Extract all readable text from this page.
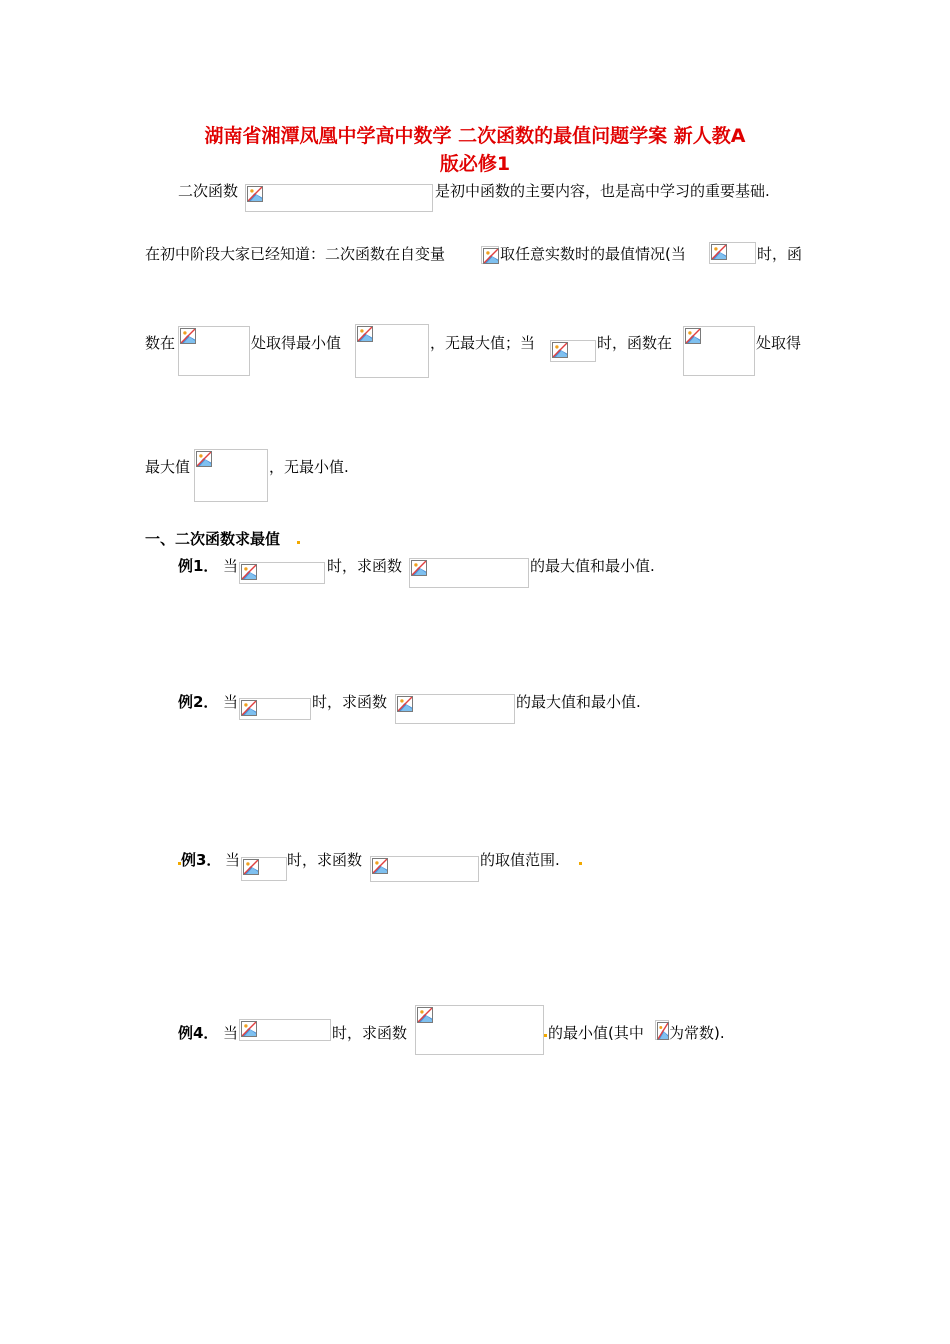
湖南省湘潭凤凰中学高中数学 二次函数的最值问题学案 新人教A
版必修1
二次函数	是初中函数的主要内容，也是高中学习的重要基础.
在初中阶段大家已经知道：二次函数在自变量	取任意实数时的最值情况(当	时，函
数在	处取得最小值	，无最大值；当	时，函数在	处取得
最大值	，无最小值.
一、二次函数求最值
例1． 当	时，求函数	的最大值和最小值.
例2． 当	时，求函数	的最大值和最小值.
例3． 当	时，求函数	的取值范围.
例4． 当	时，求函数	的最小值(其中 为常数).
